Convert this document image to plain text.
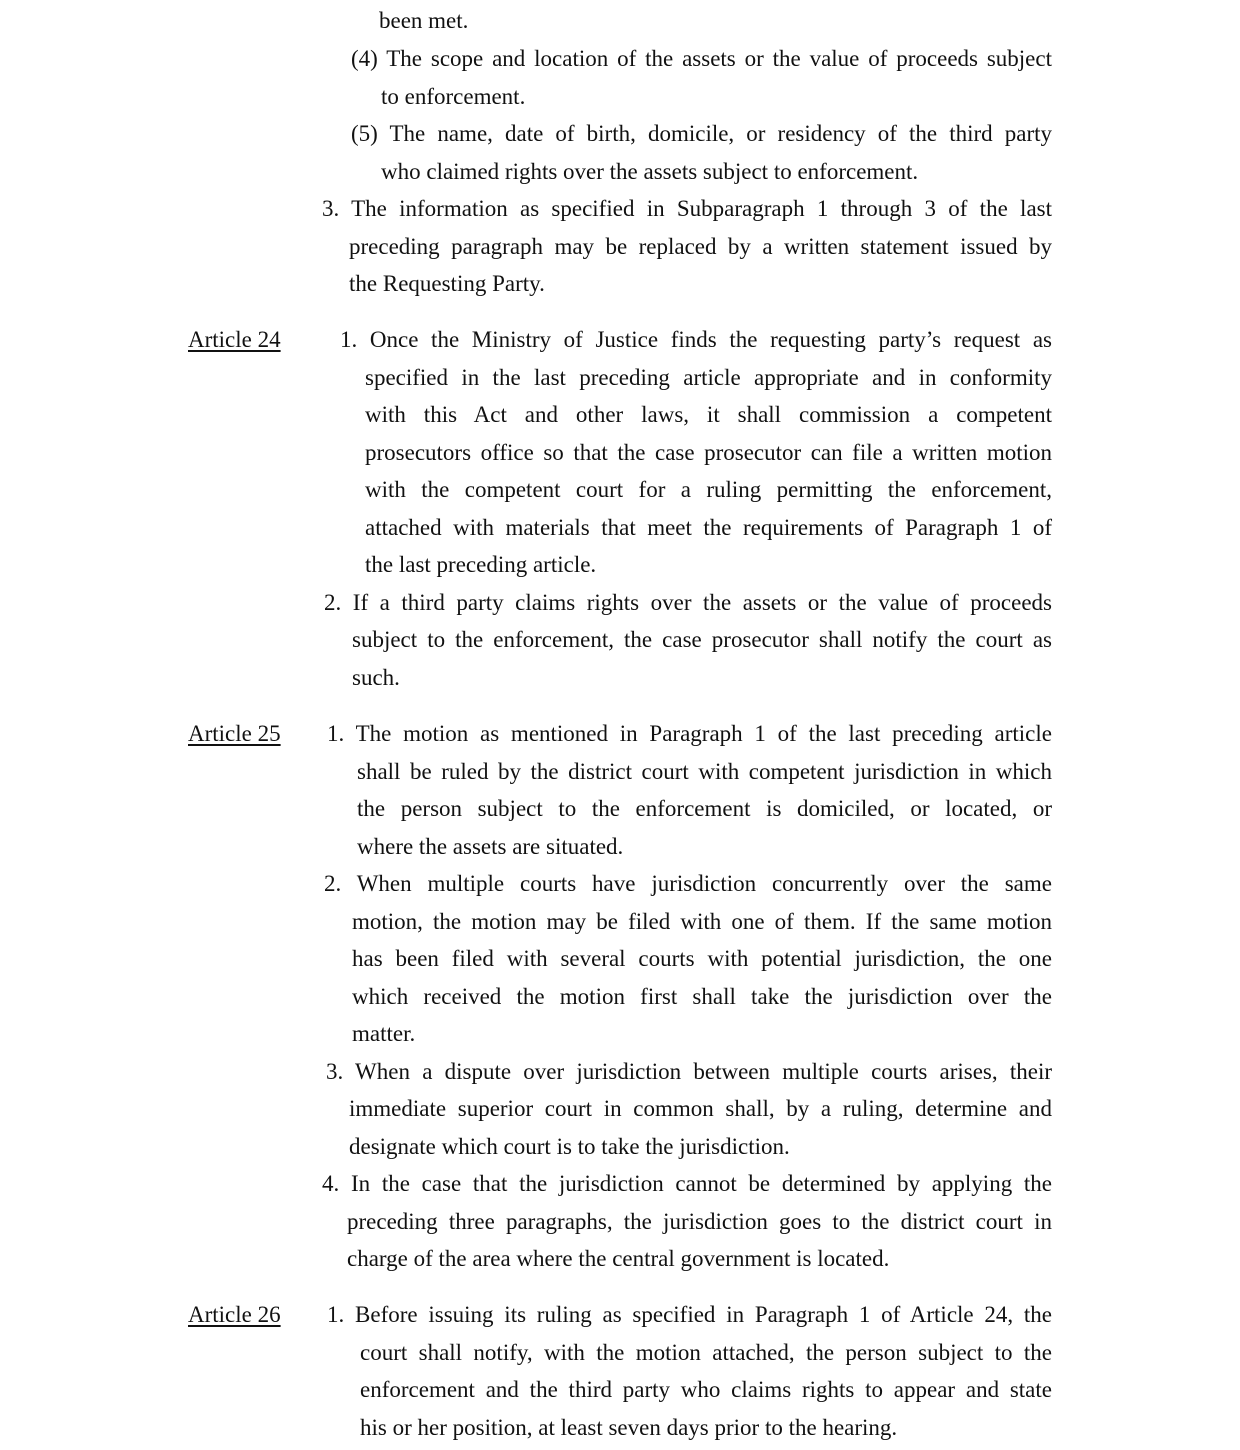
been met.
(4) The scope and location of the assets or the value of proceeds subject
to enforcement.
(5) The name, date of birth, domicile, or residency of the third party
who claimed rights over the assets subject to enforcement.
3. The information as specified in Subparagraph 1 through 3 of the last
preceding paragraph may be replaced by a written statement issued by
the Requesting Party.
Article 24	1. Once the Ministry of Justice finds the requesting party’s request as
specified in the last preceding article appropriate and in conformity
with this Act and other laws, it shall commission a competent
prosecutors office so that the case prosecutor can file a written motion
with the competent court for a ruling permitting the enforcement,
attached with materials that meet the requirements of Paragraph 1 of
the last preceding article.
2. If a third party claims rights over the assets or the value of proceeds
subject to the enforcement, the case prosecutor shall notify the court as
such.
Article 25 1. The motion as mentioned in Paragraph 1 of the last preceding article
shall be ruled by the district court with competent jurisdiction in which
the person subject to the enforcement is domiciled, or located, or
where the assets are situated.
2. When multiple courts have jurisdiction concurrently over the same
motion, the motion may be filed with one of them. If the same motion
has been filed with several courts with potential jurisdiction, the one
which received the motion first shall take the jurisdiction over the
matter.
3. When a dispute over jurisdiction between multiple courts arises, their
immediate superior court in common shall, by a ruling, determine and
designate which court is to take the jurisdiction.
4. In the case that the jurisdiction cannot be determined by applying the
preceding three paragraphs, the jurisdiction goes to the district court in
charge of the area where the central government is located.
Article 26 1. Before issuing its ruling as specified in Paragraph 1 of Article 24, the
court shall notify, with the motion attached, the person subject to the
enforcement and the third party who claims rights to appear and state
his or her position, at least seven days prior to the hearing.
